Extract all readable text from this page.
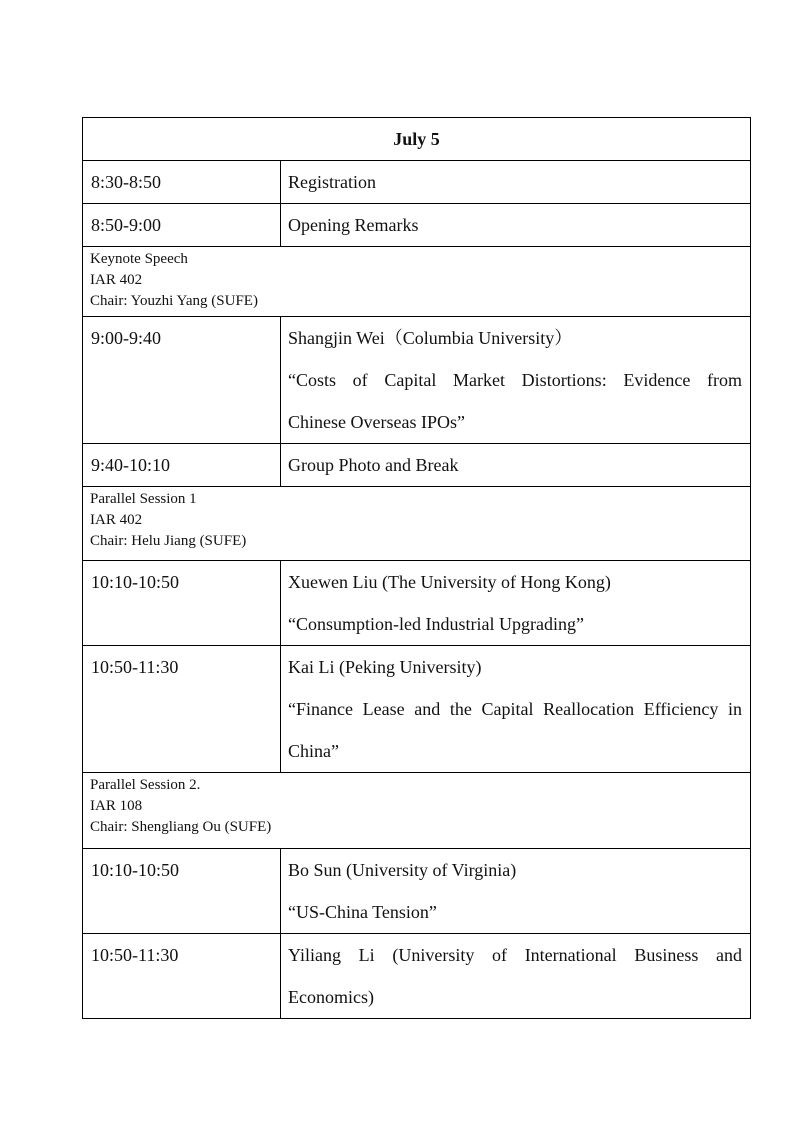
July 5	

8:30-8:50	Registration

8:50-9:00	Opening Remarks

Keynote Speech
IAR 402
Chair: Youzhi Yang (SUFE)	

9:00-9:40	Shangjin Wei（Columbia University）
“Costs of Capital Market Distortions: Evidence from
Chinese Overseas IPOs”

9:40-10:10	Group Photo and Break

Parallel Session 1
IAR 402
Chair: Helu Jiang (SUFE)	

10:10-10:50	Xuewen Liu (The University of Hong Kong)
“Consumption-led Industrial Upgrading”

10:50-11:30	Kai Li (Peking University)
“Finance Lease and the Capital Reallocation Efficiency in
China”

Parallel Session 2.
IAR 108
Chair: Shengliang Ou (SUFE)	

10:10-10:50	Bo Sun (University of Virginia)
“US-China Tension”

10:50-11:30	Yiliang Li (University of International Business and
Economics)
